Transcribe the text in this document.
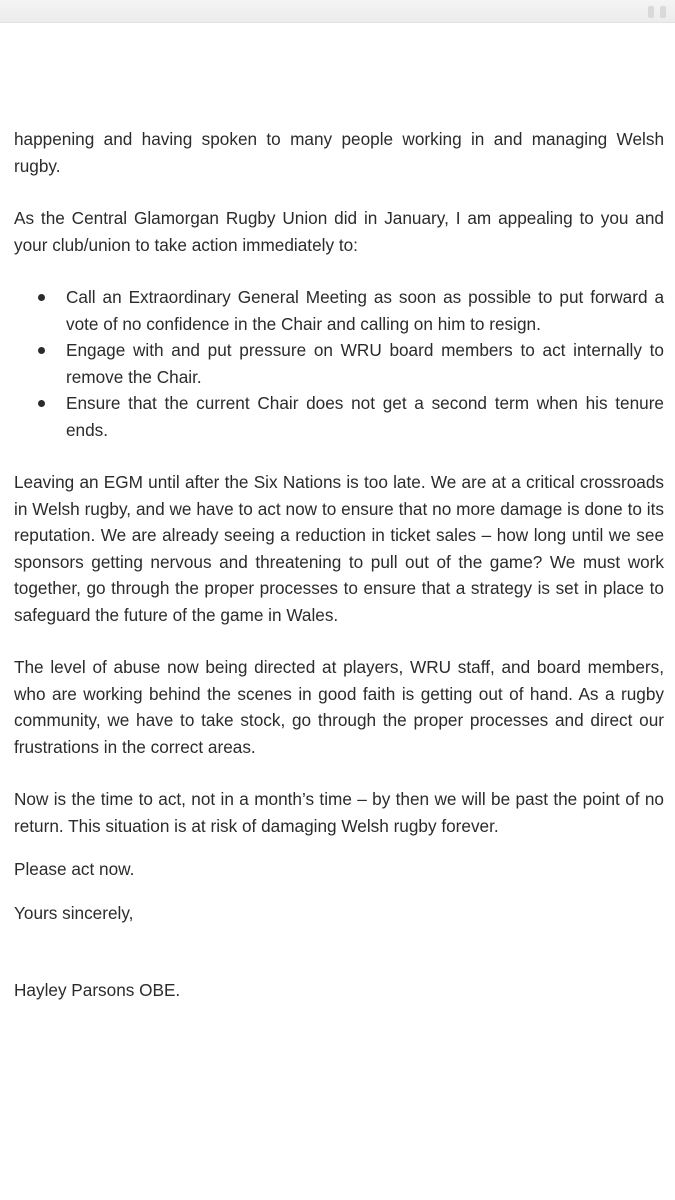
happening and having spoken to many people working in and managing Welsh rugby.

As the Central Glamorgan Rugby Union did in January, I am appealing to you and your club/union to take action immediately to:

Call an Extraordinary General Meeting as soon as possible to put forward a vote of no confidence in the Chair and calling on him to resign.
Engage with and put pressure on WRU board members to act internally to remove the Chair.
Ensure that the current Chair does not get a second term when his tenure ends.

Leaving an EGM until after the Six Nations is too late. We are at a critical crossroads in Welsh rugby, and we have to act now to ensure that no more damage is done to its reputation. We are already seeing a reduction in ticket sales – how long until we see sponsors getting nervous and threatening to pull out of the game? We must work together, go through the proper processes to ensure that a strategy is set in place to safeguard the future of the game in Wales.

The level of abuse now being directed at players, WRU staff, and board members, who are working behind the scenes in good faith is getting out of hand. As a rugby community, we have to take stock, go through the proper processes and direct our frustrations in the correct areas.

Now is the time to act, not in a month’s time – by then we will be past the point of no return. This situation is at risk of damaging Welsh rugby forever.

Please act now.

Yours sincerely,

Hayley Parsons OBE.
